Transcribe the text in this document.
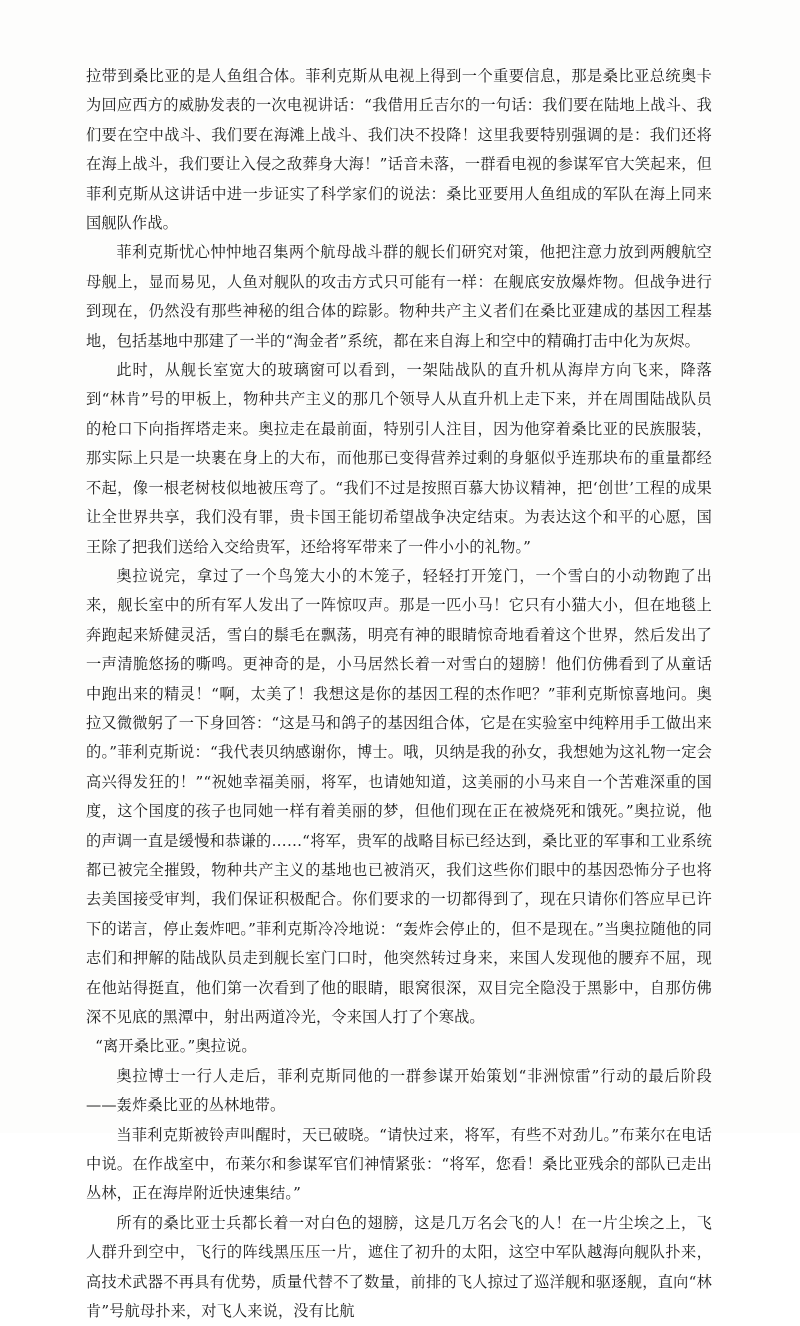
拉带到桑比亚的是人鱼组合体。菲利克斯从电视上得到一个重要信息，那是桑比亚总统奥卡为回应西方的威胁发表的一次电视讲话：“我借用丘吉尔的一句话：我们要在陆地上战斗、我们要在空中战斗、我们要在海滩上战斗、我们决不投降！这里我要特别强调的是：我们还将在海上战斗，我们要让入侵之敌葬身大海！”话音未落，一群看电视的参谋军官大笑起来，但菲利克斯从这讲话中进一步证实了科学家们的说法：桑比亚要用人鱼组成的军队在海上同来国舰队作战。

菲利克斯忧心忡忡地召集两个航母战斗群的舰长们研究对策，他把注意力放到两艘航空母舰上，显而易见，人鱼对舰队的攻击方式只可能有一样：在舰底安放爆炸物。但战争进行到现在，仍然没有那些神秘的组合体的踪影。物种共产主义者们在桑比亚建成的基因工程基地，包括基地中那建了一半的“淘金者”系统，都在来自海上和空中的精确打击中化为灰烬。

此时，从舰长室宽大的玻璃窗可以看到，一架陆战队的直升机从海岸方向飞来，降落到“林肯”号的甲板上，物种共产主义的那几个领导人从直升机上走下来，并在周围陆战队员的枪口下向指挥塔走来。奥拉走在最前面，特别引人注目，因为他穿着桑比亚的民族服装，那实际上只是一块裹在身上的大布，而他那已变得营养过剩的身躯似乎连那块布的重量都经不起，像一根老树枝似地被压弯了。“我们不过是按照百慕大协议精神，把‘创世’工程的成果让全世界共享，我们没有罪，贵卡国王能切希望战争决定结束。为表达这个和平的心愿，国王除了把我们送给入交给贵军，还给将军带来了一件小小的礼物。”

奥拉说完，拿过了一个鸟笼大小的木笼子，轻轻打开笼门，一个雪白的小动物跑了出来，舰长室中的所有军人发出了一阵惊叹声。那是一匹小马！它只有小猫大小，但在地毯上奔跑起来矫健灵活，雪白的鬃毛在飘荡，明亮有神的眼睛惊奇地看着这个世界，然后发出了一声清脆悠扬的嘶鸣。更神奇的是，小马居然长着一对雪白的翅膀！他们仿佛看到了从童话中跑出来的精灵！“啊，太美了！我想这是你的基因工程的杰作吧？”菲利克斯惊喜地问。奥拉又微微躬了一下身回答：“这是马和鸽子的基因组合体，它是在实验室中纯粹用手工做出来的。”菲利克斯说：“我代表贝纳感谢你，博士。哦，贝纳是我的孙女，我想她为这礼物一定会高兴得发狂的！”“祝她幸福美丽，将军，也请她知道，这美丽的小马来自一个苦难深重的国度，这个国度的孩子也同她一样有着美丽的梦，但他们现在正在被烧死和饿死。”奥拉说，他的声调一直是缓慢和恭谦的……“将军，贵军的战略目标已经达到，桑比亚的军事和工业系统都已被完全摧毁，物种共产主义的基地也已被消灭，我们这些你们眼中的基因恐怖分子也将去美国接受审判，我们保证积极配合。你们要求的一切都得到了，现在只请你们答应早已许下的诺言，停止轰炸吧。”菲利克斯冷冷地说：“轰炸会停止的，但不是现在。”当奥拉随他的同志们和押解的陆战队员走到舰长室门口时，他突然转过身来，来国人发现他的腰弃不屈，现在他站得挺直，他们第一次看到了他的眼睛，眼窝很深，双目完全隐没于黑影中，自那仿佛深不见底的黑潭中，射出两道冷光，令来国人打了个寒战。

“离开桑比亚。”奥拉说。

奥拉博士一行人走后，菲利克斯同他的一群参谋开始策划“非洲惊雷”行动的最后阶段——轰炸桑比亚的丛林地带。

当菲利克斯被铃声叫醒时，天已破晓。“请快过来，将军，有些不对劲儿。”布莱尔在电话中说。在作战室中，布莱尔和参谋军官们神情紧张：“将军，您看！桑比亚残余的部队已走出丛林，正在海岸附近快速集结。”

所有的桑比亚士兵都长着一对白色的翅膀，这是几万名会飞的人！在一片尘埃之上，飞人群升到空中，飞行的阵线黑压压一片，遮住了初升的太阳，这空中军队越海向舰队扑来，高技术武器不再具有优势，质量代替不了数量，前排的飞人掠过了巡洋舰和驱逐舰，直向“林肯”号航母扑来，对飞人来说，没有比航
